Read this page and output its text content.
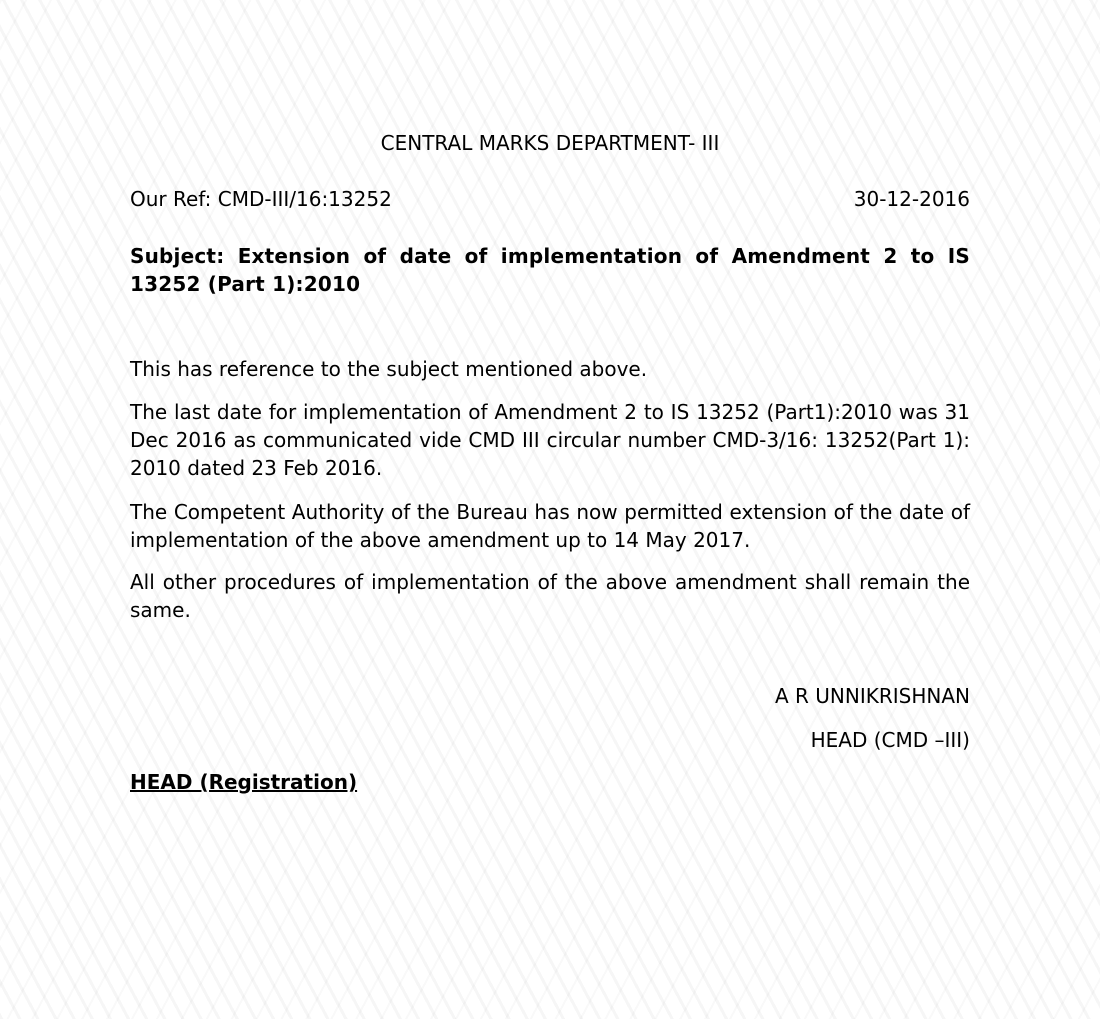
CENTRAL MARKS DEPARTMENT- III
Our Ref: CMD-III/16:13252	30-12-2016
Subject: Extension of date of implementation of Amendment 2 to IS 13252 (Part 1):2010

This has reference to the subject mentioned above.

The last date for implementation of Amendment 2 to IS 13252 (Part1):2010 was 31 Dec 2016 as communicated vide CMD III circular number CMD-3/16: 13252(Part 1): 2010 dated 23 Feb 2016.

The Competent Authority of the Bureau has now permitted extension of the date of implementation of the above amendment up to 14 May 2017.

All other procedures of implementation of the above amendment shall remain the same.

A R UNNIKRISHNAN
HEAD (CMD –III)
HEAD (Registration)
